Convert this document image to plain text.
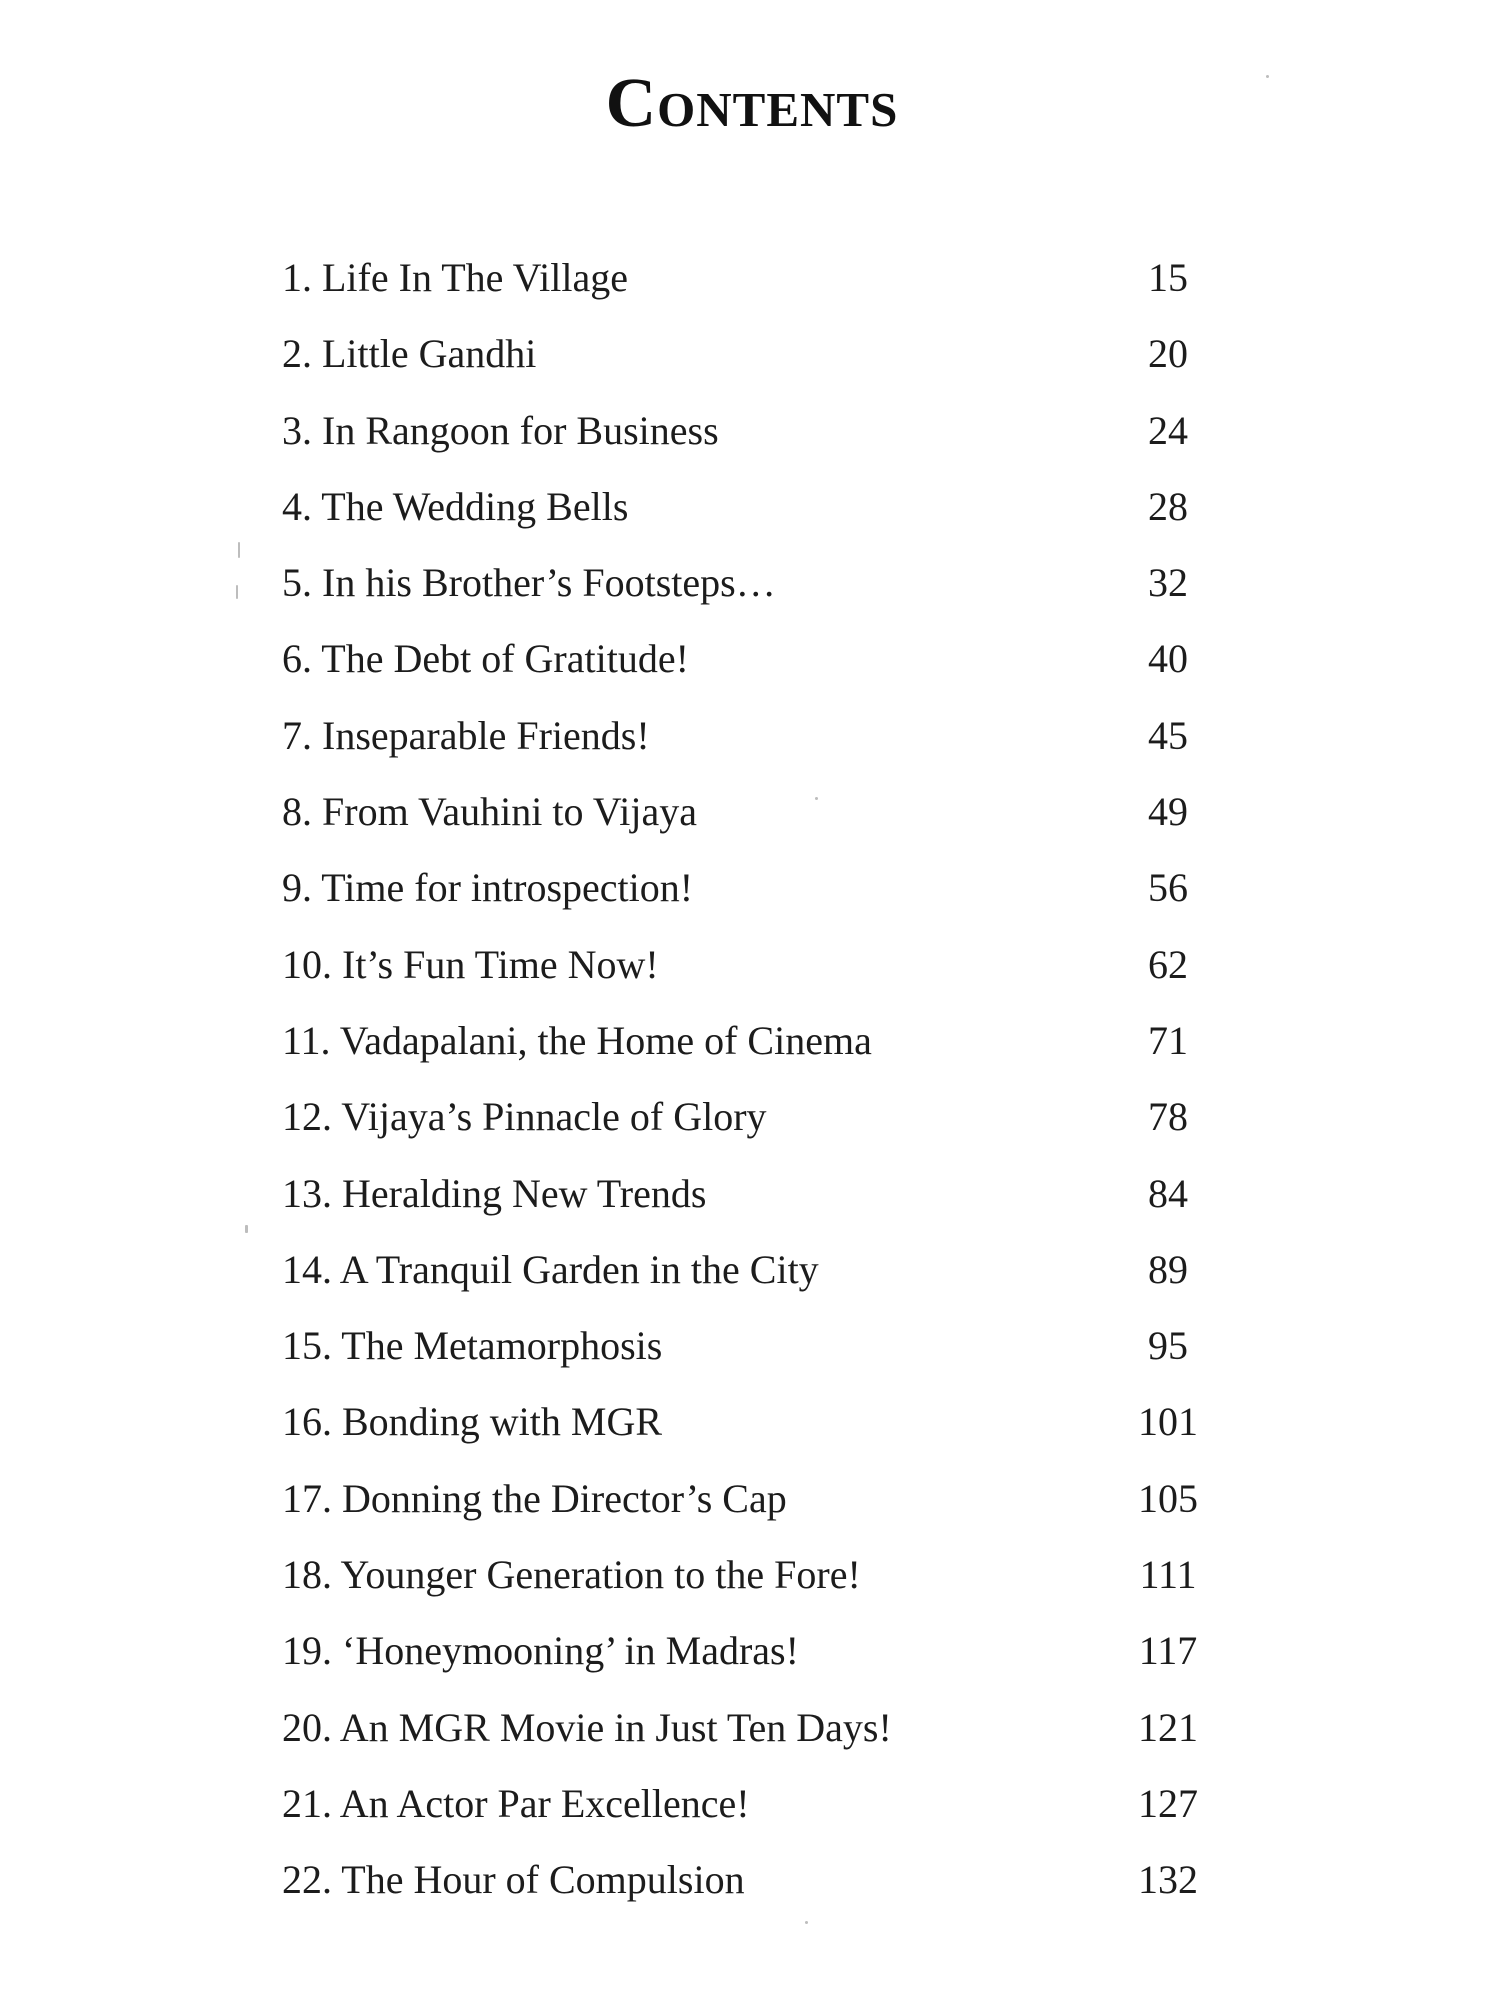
Contents
1. Life In The Village	15
2. Little Gandhi	20
3. In Rangoon for Business	24
4. The Wedding Bells	28
5. In his Brother’s Footsteps…	32
6. The Debt of Gratitude!	40
7. Inseparable Friends!	45
8. From Vauhini to Vijaya	49
9. Time for introspection!	56
10. It’s Fun Time Now!	62
11. Vadapalani, the Home of Cinema	71
12. Vijaya’s Pinnacle of Glory	78
13. Heralding New Trends	84
14. A Tranquil Garden in the City	89
15. The Metamorphosis	95
16. Bonding with MGR	101
17. Donning the Director’s Cap	105
18. Younger Generation to the Fore!	111
19. ‘Honeymooning’ in Madras!	117
20. An MGR Movie in Just Ten Days!	121
21. An Actor Par Excellence!	127
22. The Hour of Compulsion	132
